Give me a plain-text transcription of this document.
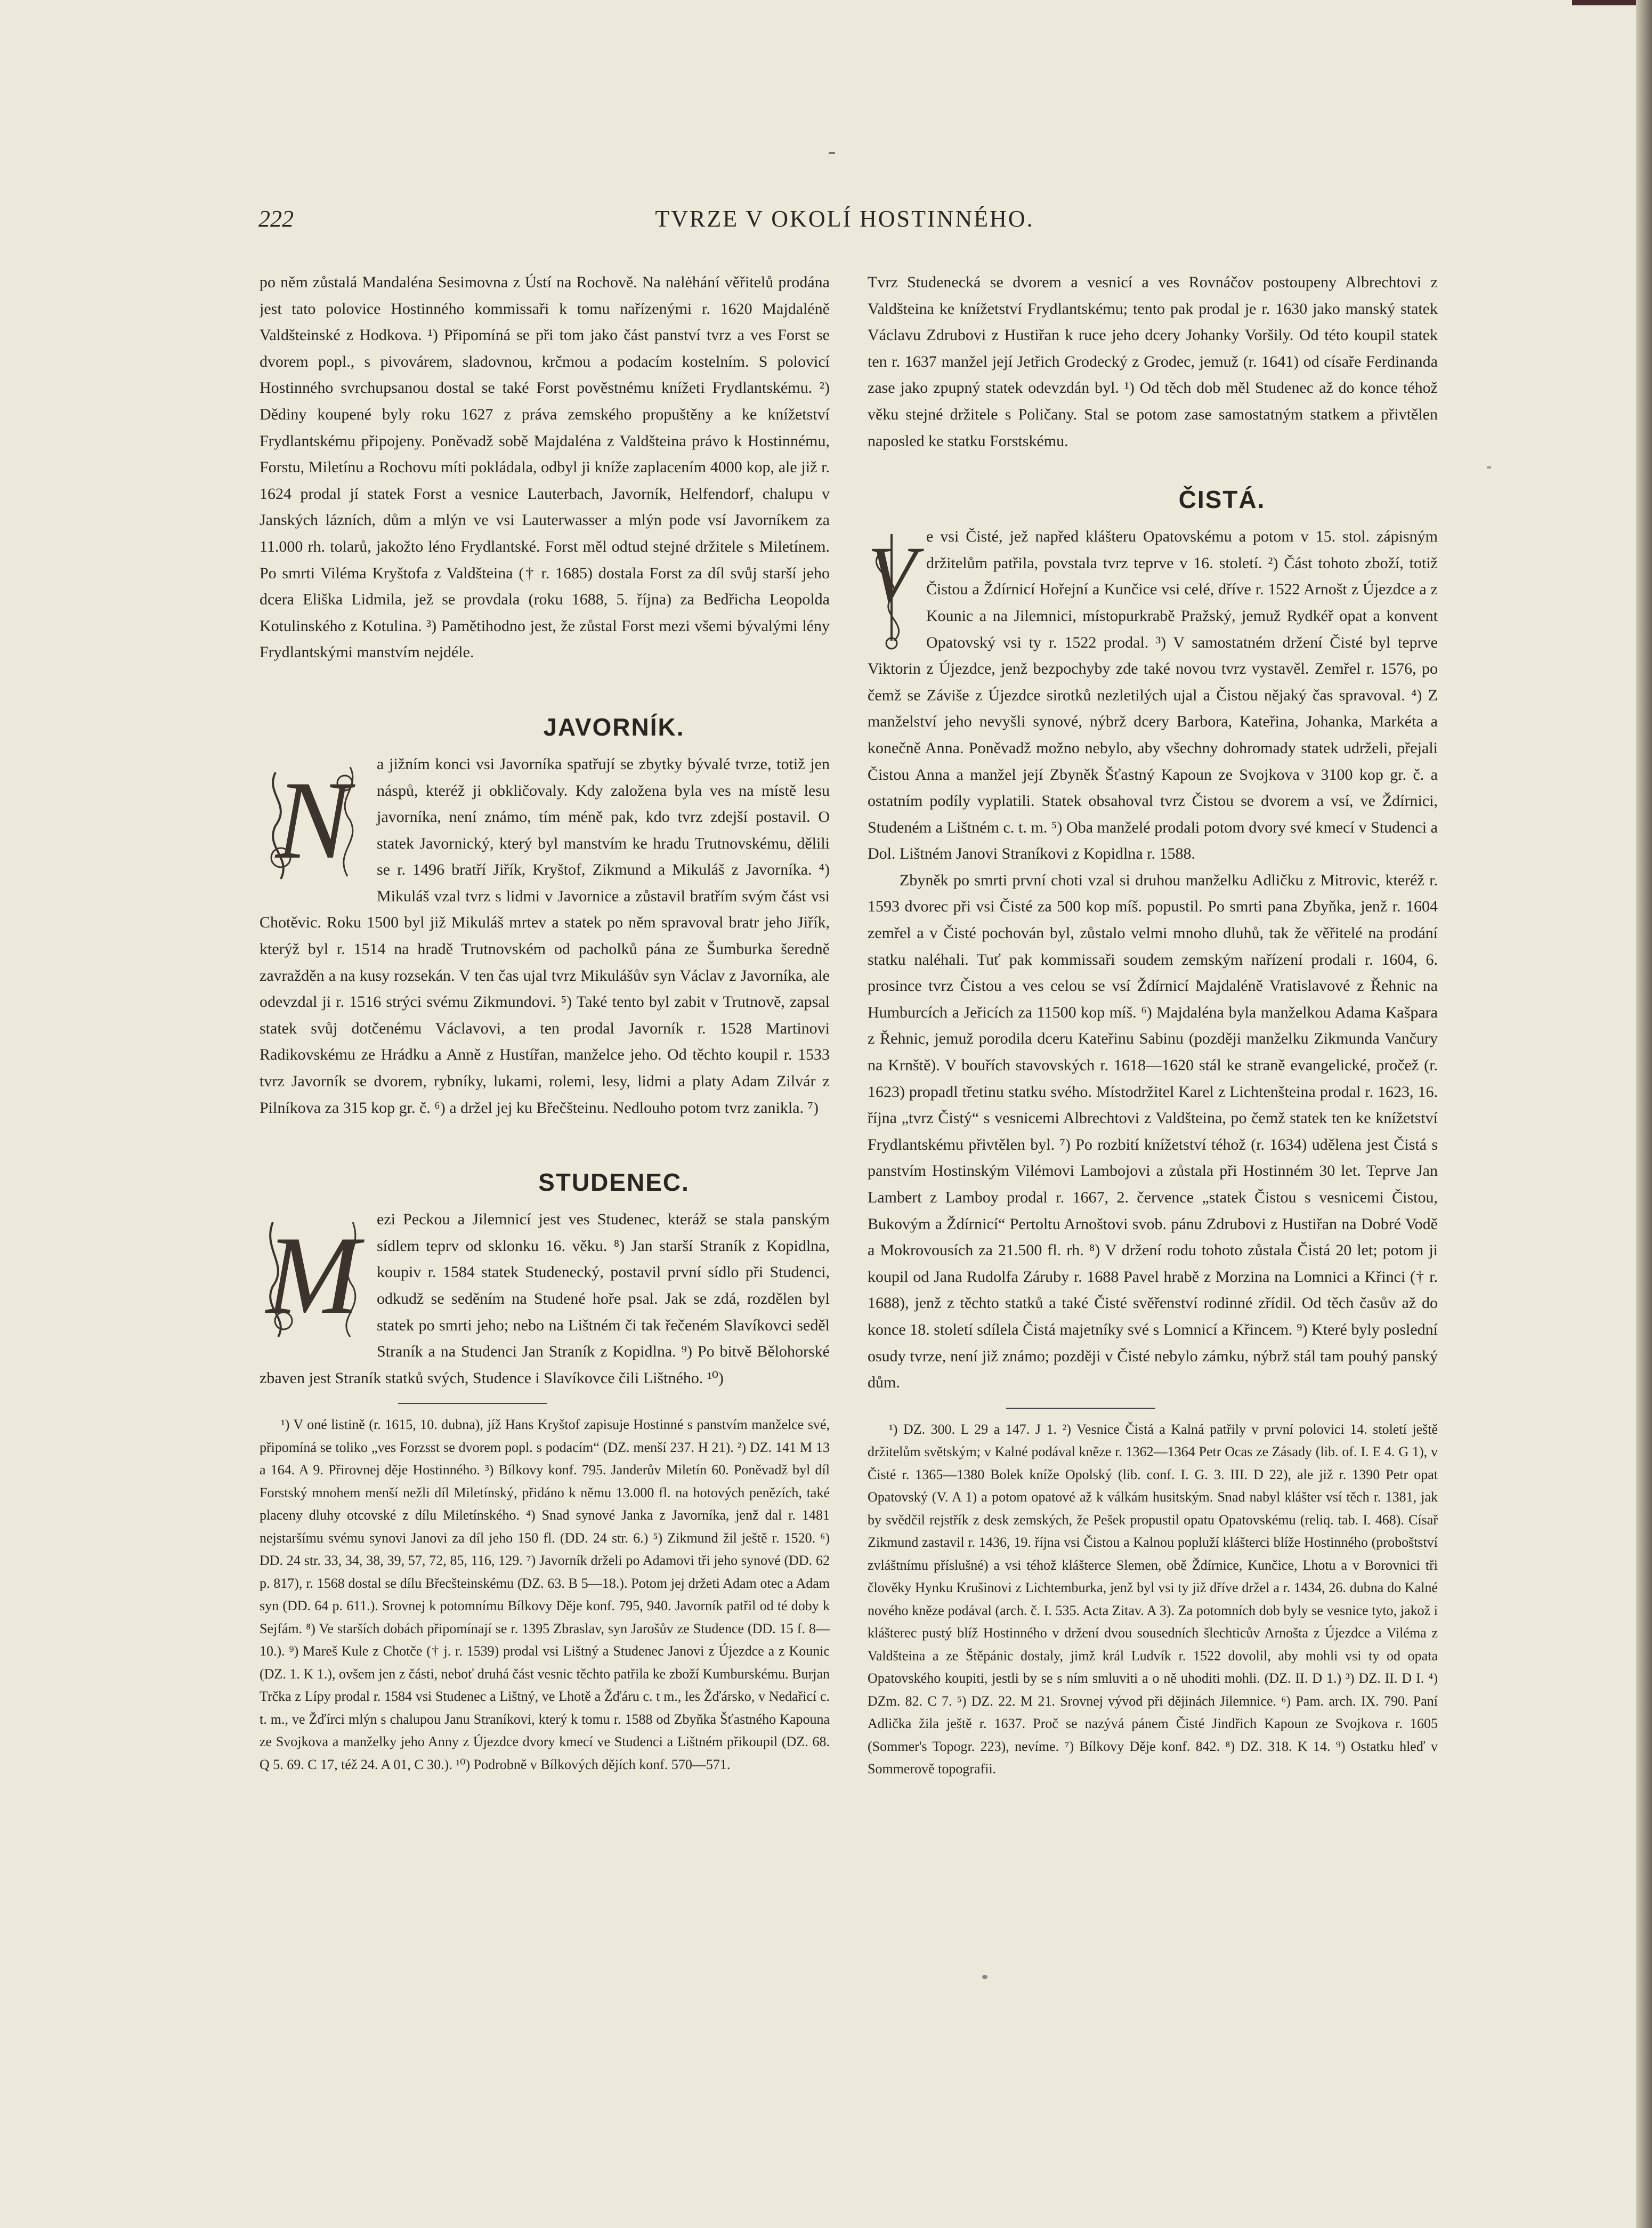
TVRZE V OKOLÍ HOSTINNÉHO.
222

po něm zůstalá Mandaléna Sesimovna z Ústí na Rochově. Na nalėhání věřitelů prodána jest tato polovice Hostinného kommissaři k tomu nařízenými r. 1620 Majdaléně Valdšteinské z Hodkova. ¹) Připomíná se při tom jako část panství tvrz a ves Forst se dvorem popl., s pivovárem, sladovnou, krčmou a podacím kostelním. S polovicí Hostinného svrchupsanou dostal se také Forst pověstnému knížeti Frydlantskému. ²) Dědiny koupené byly roku 1627 z práva zemského propuštěny a ke knížetství Frydlantskému připojeny. Poněvadž sobě Majdaléna z Valdšteina právo k Hostinnému, Forstu, Miletínu a Rochovu míti pokládala, odbyl ji kníže zaplacením 4000 kop, ale již r. 1624 prodal jí statek Forst a vesnice Lauterbach, Javorník, Helfendorf, chalupu v Janských lázních, dům a mlýn ve vsi Lauterwasser a mlýn pode vsí Javorníkem za 11.000 rh. tolarů, jakožto léno Frydlantské. Forst měl odtud stejné držitele s Miletínem. Po smrti Viléma Kryštofa z Valdšteina († r. 1685) dostala Forst za díl svůj starší jeho dcera Eliška Lidmila, jež se provdala (roku 1688, 5. října) za Bedřicha Leopolda Kotulinského z Kotulina. ³) Pamětihodno jest, že zůstal Forst mezi všemi bývalými lény Frydlantskými manstvím nejdéle.

JAVORNÍK.
N	a jižním konci vsi Javorníka spatřují se zbytky bývalé tvrze, totiž jen náspů, kteréž ji obkličovaly. Kdy založena byla ves na místě lesu javorníka, není známo, tím méně pak, kdo tvrz zdejší postavil. O statek Javornický, který byl manstvím ke hradu Trutnovskému, dělili se r. 1496 bratří Jiřík, Kryštof, Zikmund a Mikuláš z Javorníka. ⁴) Mikuláš vzal tvrz s lidmi v Javornice a zůstavil bratřím svým část vsi Chotěvic. Roku 1500 byl již Mikuláš mrtev a statek po něm spravoval bratr jeho Jiřík, kterýž byl r. 1514 na hradě Trutnovském od pacholků pána ze Šumburka šeredně zavražděn a na kusy rozsekán. V ten čas ujal tvrz Mikulášův syn Václav z Javorníka, ale odevzdal ji r. 1516 strýci svému Zikmundovi. ⁵) Také tento byl zabit v Trutnově, zapsal statek svůj dotčenému Václavovi, a ten prodal Javorník r. 1528 Martinovi Radikovskému ze Hrádku a Anně z Hustířan, manželce jeho. Od těchto koupil r. 1533 tvrz Javorník se dvorem, rybníky, lukami, rolemi, lesy, lidmi a platy Adam Zilvár z Pilníkova za 315 kop gr. č. ⁶) a držel jej ku Břečšteinu. Nedlouho potom tvrz zanikla. ⁷)

STUDENEC.
M	ezi Peckou a Jilemnicí jest ves Studenec, kteráž se stala panským sídlem teprv od sklonku 16. věku. ⁸) Jan starší Straník z Kopidlna, koupiv r. 1584 statek Studenecký, postavil první sídlo při Studenci, odkudž se seděním na Studené hoře psal. Jak se zdá, rozdělen byl statek po smrti jeho; nebo na Lištném či tak řečeném Slavíkovci seděl Straník a na Studenci Jan Straník z Kopidlna. ⁹) Po bitvě Bělohorské zbaven jest Straník statků svých, Studence i Slavíkovce čili Lištného. ¹⁰)

¹) V oné listině (r. 1615, 10. dubna), jíž Hans Kryštof zapisuje Hostinné s panstvím manželce své, připomíná se toliko „ves Forzsst se dvorem popl. s podacím“ (DZ. menší 237. H 21). ²) DZ. 141 M 13 a 164. A 9. Přirovnej děje Hostinného. ³) Bílkovy konf. 795. Janderův Miletín 60. Poněvadž byl díl Forstský mnohem menší nežli díl Miletínský, přidáno k němu 13.000 fl. na hotových penězích, také placeny dluhy otcovské z dílu Miletínského. ⁴) Snad synové Janka z Javorníka, jenž dal r. 1481 nejstaršímu svému synovi Janovi za díl jeho 150 fl. (DD. 24 str. 6.) ⁵) Zikmund žil ještě r. 1520. ⁶) DD. 24 str. 33, 34, 38, 39, 57, 72, 85, 116, 129. ⁷) Javorník drželi po Adamovi tři jeho synové (DD. 62 p. 817), r. 1568 dostal se dílu Břecšteinskému (DZ. 63. B 5—18.). Potom jej držeti Adam otec a Adam syn (DD. 64 p. 611.). Srovnej k potomnímu Bílkovy Děje konf. 795, 940. Javorník patřil od té doby k Sejfám. ⁸) Ve starších dobách připomínají se r. 1395 Zbraslav, syn Jarošův ze Studence (DD. 15 f. 8—10.). ⁹) Mareš Kule z Chotče († j. r. 1539) prodal vsi Lištný a Studenec Janovi z Újezdce a z Kounic (DZ. 1. K 1.), ovšem jen z části, neboť druhá část vesnic těchto patřila ke zboží Kumburskému. Burjan Trčka z Lípy prodal r. 1584 vsi Studenec a Lištný, ve Lhotě a Žďáru c. t m., les Žďársko, v Nedařicí c. t. m., ve Žďírci mlýn s chalupou Janu Straníkovi, který k tomu r. 1588 od Zbyňka Šťastného Kapouna ze Svojkova a manželky jeho Anny z Újezdce dvory kmecí ve Studenci a Lištném přikoupil (DZ. 68. Q 5. 69. C 17, též 24. A 01, C 30.). ¹⁰) Podrobně v Bílkových dějích konf. 570—571.

Tvrz Studenecká se dvorem a vesnicí a ves Rovnáčov postoupeny Albrechtovi z Valdšteina ke knížetství Frydlantskému; tento pak prodal je r. 1630 jako manský statek Václavu Zdrubovi z Hustiřan k ruce jeho dcery Johanky Voršily. Od této koupil statek ten r. 1637 manžel její Jetřich Grodecký z Grodec, jemuž (r. 1641) od císaře Ferdinanda zase jako zpupný statek odevzdán byl. ¹) Od těch dob měl Studenec až do konce téhož věku stejné držitele s Poličany. Stal se potom zase samostatným statkem a přivtělen naposled ke statku Forstskému.

ČISTÁ.
V e vsi Čisté, jež napřed klášteru Opatovskému a potom v 15. stol. zápisným držitelům patřila, povstala tvrz teprve v 16. století. ²) Část tohoto zboží, totiž Čistou a Ždírnicí Hořejní a Kunčice vsi celé, dříve r. 1522 Arnošt z Újezdce a z Kounic a na Jilemnici, místopurkrabě Pražský, jemuž Rydkéř opat a konvent Opatovský vsi ty r. 1522 prodal. ³) V samostatném držení Čisté byl teprve Viktorin z Újezdce, jenž bezpochyby zde také novou tvrz vystavěl. Zemřel r. 1576, po čemž se Záviše z Újezdce sirotků nezletilých ujal a Čistou nějaký čas spravoval. ⁴) Z manželství jeho nevyšli synové, nýbrž dcery Barbora, Kateřina, Johanka, Markéta a konečně Anna. Poněvadž možno nebylo, aby všechny dohromady statek udrželi, přejali Čistou Anna a manžel její Zbyněk Šťastný Kapoun ze Svojkova v 3100 kop gr. č. a ostatním podíly vyplatili. Statek obsahoval tvrz Čistou se dvorem a vsí, ve Ždírnici, Studeném a Lištném c. t. m. ⁵) Oba manželé prodali potom dvory své kmecí v Studenci a Dol. Lištném Janovi Straníkovi z Kopidlna r. 1588.

Zbyněk po smrti první choti vzal si druhou manželku Adličku z Mitrovic, kteréž r. 1593 dvorec při vsi Čisté za 500 kop míš. popustil. Po smrti pana Zbyňka, jenž r. 1604 zemřel a v Čisté pochován byl, zůstalo velmi mnoho dluhů, tak že věřitelé na prodání statku naléhali. Tuť pak kommissaři soudem zemským nařízení prodali r. 1604, 6. prosince tvrz Čistou a ves celou se vsí Ždírnicí Majdaléně Vratislavové z Řehnic na Humburcích a Jeřicích za 11500 kop míš. ⁶) Majdaléna byla manželkou Adama Kašpara z Řehnic, jemuž porodila dceru Kateřinu Sabinu (později manželku Zikmunda Vančury na Krnště). V bouřích stavovských r. 1618—1620 stál ke straně evangelické, pročež (r. 1623) propadl třetinu statku svého. Místodržitel Karel z Lichtenšteina prodal r. 1623, 16. října „tvrz Čistý“ s vesnicemi Albrechtovi z Valdšteina, po čemž statek ten ke knížetství Frydlantskému přivtělen byl. ⁷) Po rozbití knížetství téhož (r. 1634) udělena jest Čistá s panstvím Hostinským Vilémovi Lambojovi a zůstala při Hostinném 30 let. Teprve Jan Lambert z Lamboy prodal r. 1667, 2. července „statek Čistou s vesnicemi Čistou, Bukovým a Ždírnicí“ Pertoltu Arnoštovi svob. pánu Zdrubovi z Hustiřan na Dobré Vodě a Mokrovousích za 21.500 fl. rh. ⁸) V držení rodu tohoto zůstala Čistá 20 let; potom ji koupil od Jana Rudolfa Záruby r. 1688 Pavel hrabě z Morzina na Lomnici a Křinci († r. 1688), jenž z těchto statků a také Čisté svěřenství rodinné zřídil. Od těch časův až do konce 18. století sdílela Čistá majetníky své s Lomnicí a Křincem. ⁹) Které byly poslední osudy tvrze, není již známo; později v Čisté nebylo zámku, nýbrž stál tam pouhý panský dům.

¹) DZ. 300. L 29 a 147. J 1. ²) Vesnice Čistá a Kalná patřily v první polovici 14. století ještě držitelům světským; v Kalné podával kněze r. 1362—1364 Petr Ocas ze Zásady (lib. of. I. E 4. G 1), v Čisté r. 1365—1380 Bolek kníže Opolský (lib. conf. I. G. 3. III. D 22), ale již r. 1390 Petr opat Opatovský (V. A 1) a potom opatové až k válkám husitským. Snad nabyl klášter vsí těch r. 1381, jak by svědčil rejstřík z desk zemských, že Pešek propustil opatu Opatovskému (reliq. tab. I. 468). Císař Zikmund zastavil r. 1436, 19. října vsi Čistou a Kalnou popluží klášterci blíže Hostinného (proboštství zvláštnímu příslušné) a vsi téhož klášterce Slemen, obě Ždírnice, Kunčice, Lhotu a v Borovnici tři člověky Hynku Krušinovi z Lichtemburka, jenž byl vsi ty již dříve držel a r. 1434, 26. dubna do Kalné nového kněze podával (arch. č. I. 535. Acta Zitav. A 3). Za potomních dob byly se vesnice tyto, jakož i klášterec pustý blíž Hostinného v držení dvou sousedních šlechticův Arnošta z Újezdce a Viléma z Valdšteina a ze Štěpánic dostaly, jimž král Ludvík r. 1522 dovolil, aby mohli vsi ty od opata Opatovského koupiti, jestli by se s ním smluviti a o ně uhoditi mohli. (DZ. II. D 1.) ³) DZ. II. D I. ⁴) DZm. 82. C 7. ⁵) DZ. 22. M 21. Srovnej vývod při dějinách Jilemnice. ⁶) Pam. arch. IX. 790. Paní Adlička žila ještě r. 1637. Proč se nazývá pánem Čisté Jindřich Kapoun ze Svojkova r. 1605 (Sommer's Topogr. 223), nevíme. ⁷) Bílkovy Děje konf. 842. ⁸) DZ. 318. K 14. ⁹) Ostatku hleď v Sommerově topografii.
